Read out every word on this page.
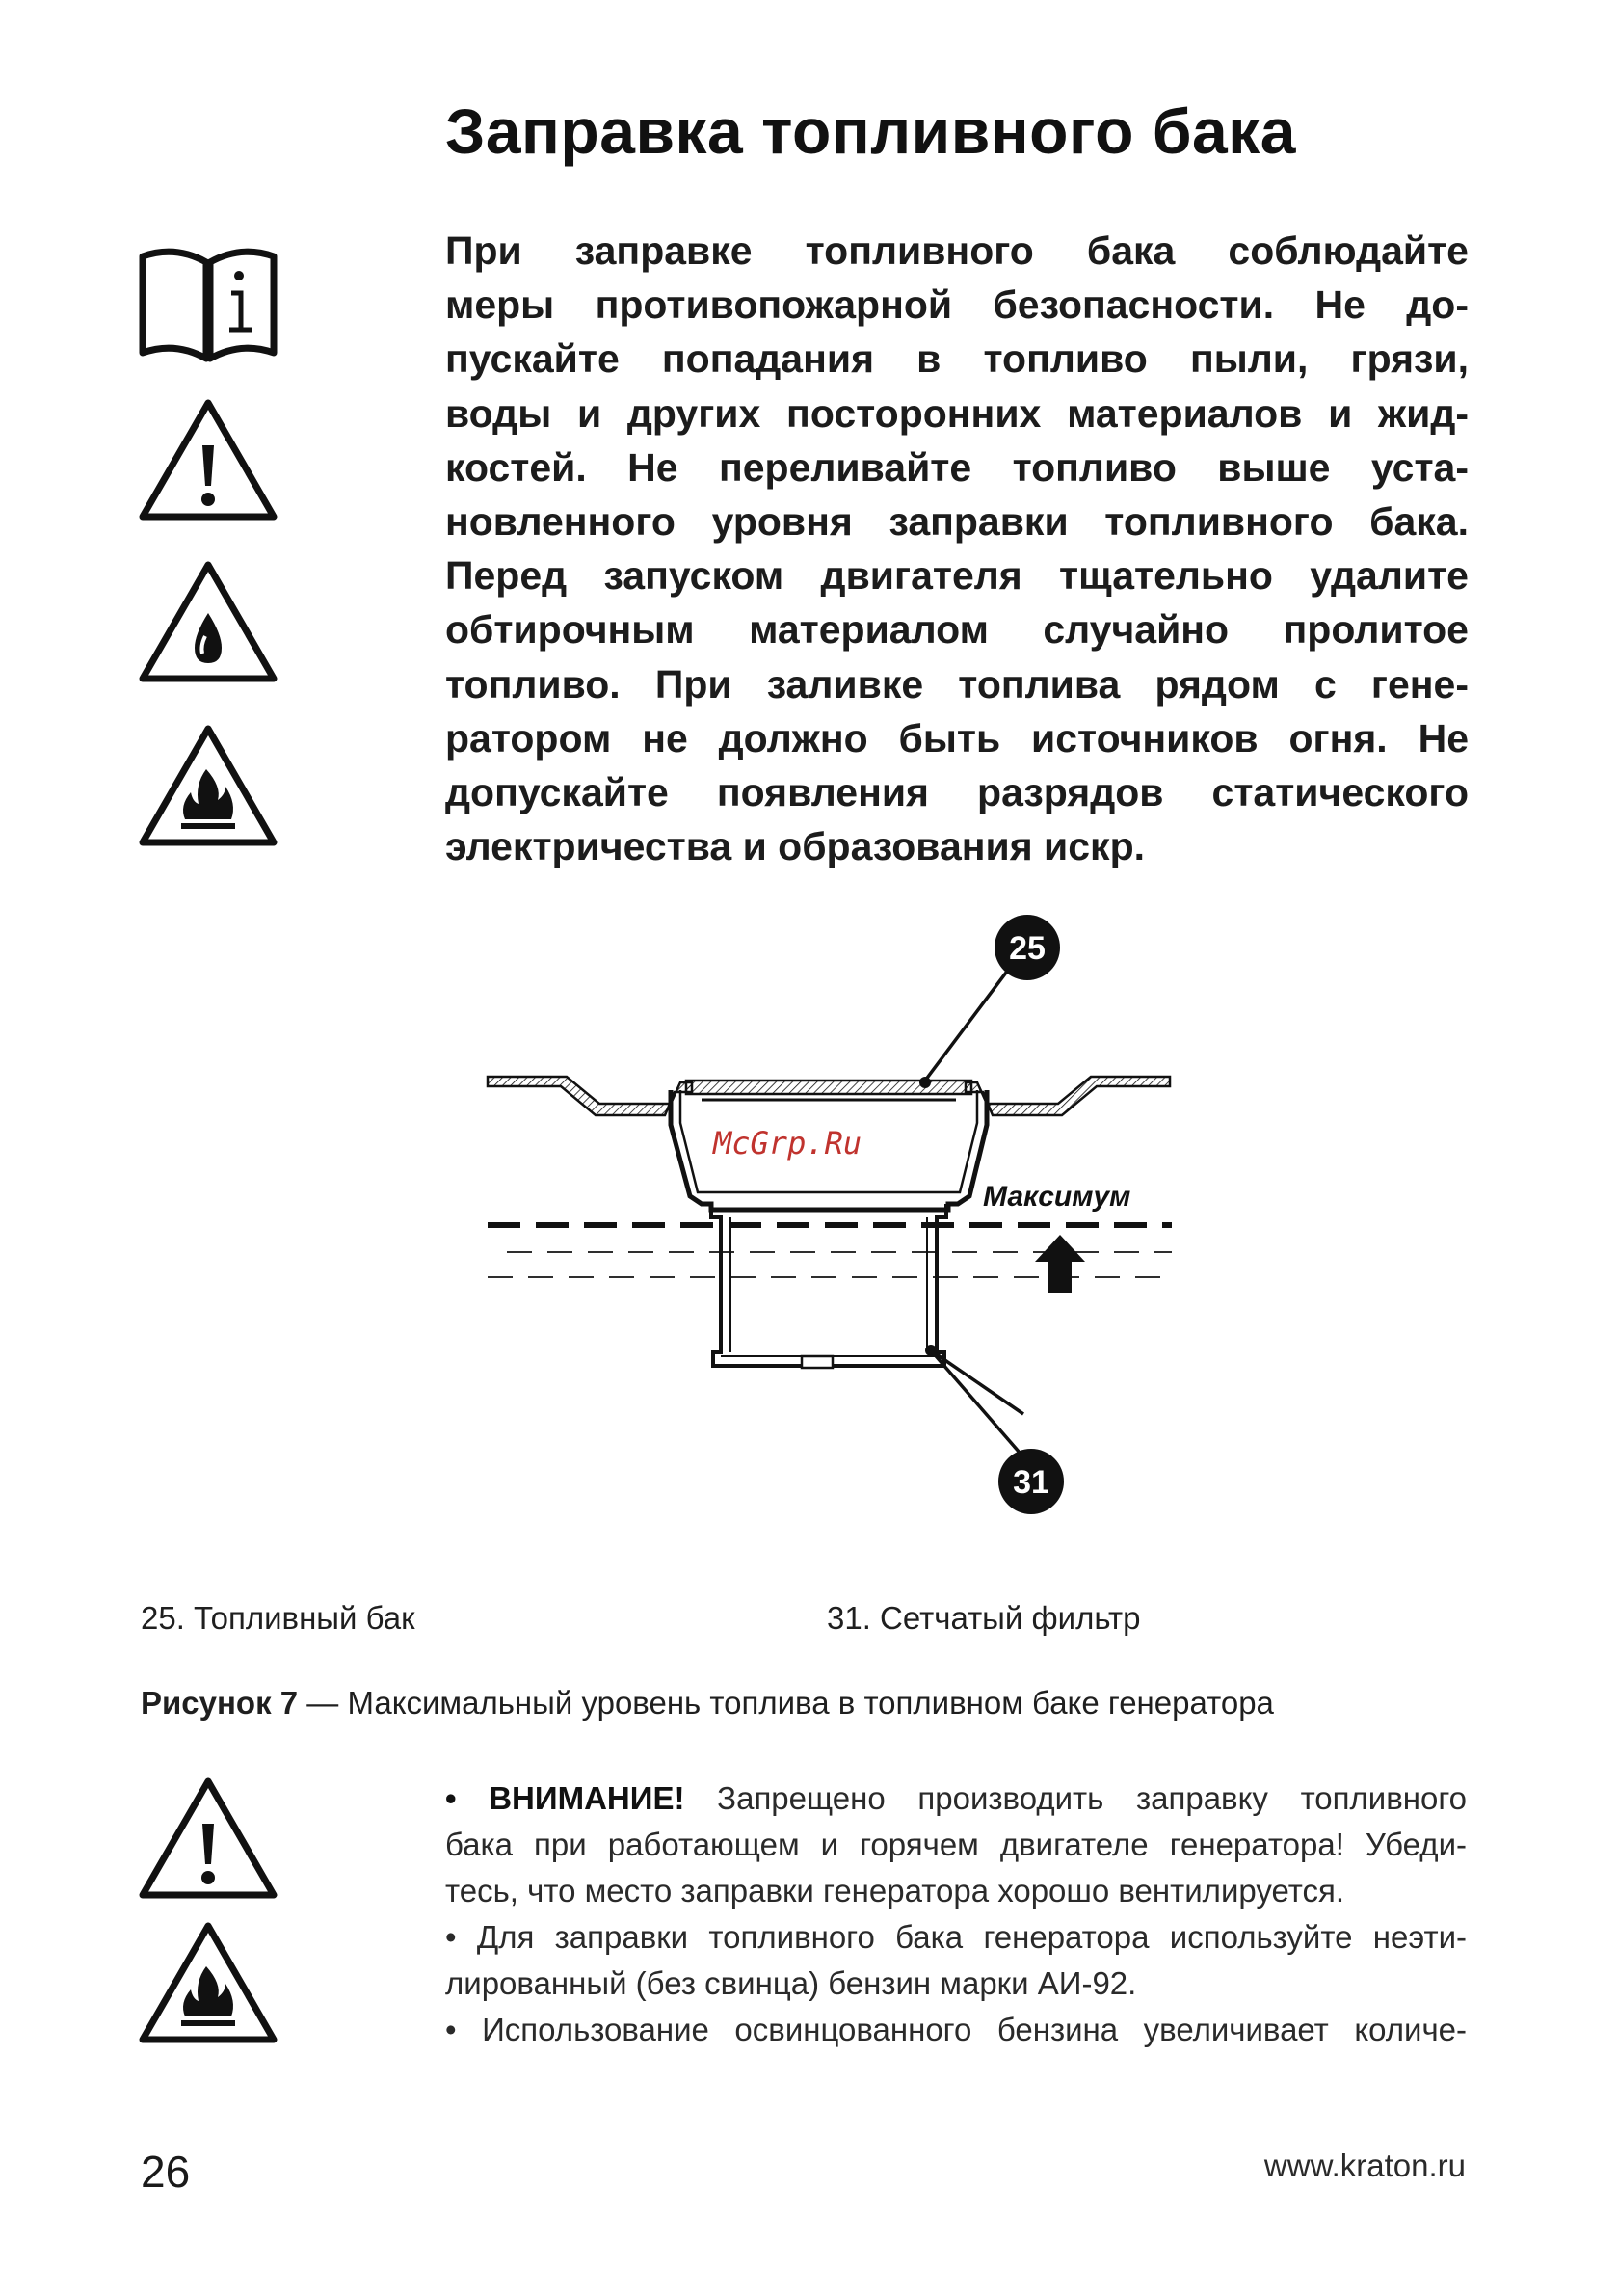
Заправка топливного бака

При заправке топливного бака соблюдайте

меры противопожарной безопасности. Не до-

пускайте попадания в топливо пыли, грязи,

воды и других посторонних материалов и жид-

костей. Не переливайте топливо выше уста-

новленного уровня заправки топливного бака.

Перед запуском двигателя тщательно удалите

обтирочным материалом случайно пролитое

топливо. При заливке топлива рядом с гене-

ратором не должно быть источников огня. Не

допускайте появления разрядов статического

электричества и образования искр.

Максимум
McGrp.Ru
25
31
25. Топливный бак	31. Сетчатый фильтр
Рисунок 7 — Максимальный уровень топлива в топливном баке генератора

• ВНИМАНИЕ! Запрещено производить заправку топливного

бака при работающем и горячем двигателе генератора! Убеди-

тесь, что место заправки генератора хорошо вентилируется.

• Для заправки топливного бака генератора используйте неэти-

лированный (без свинца) бензин марки АИ-92.

• Использование освинцованного бензина увеличивает количе-

26	www.kraton.ru
